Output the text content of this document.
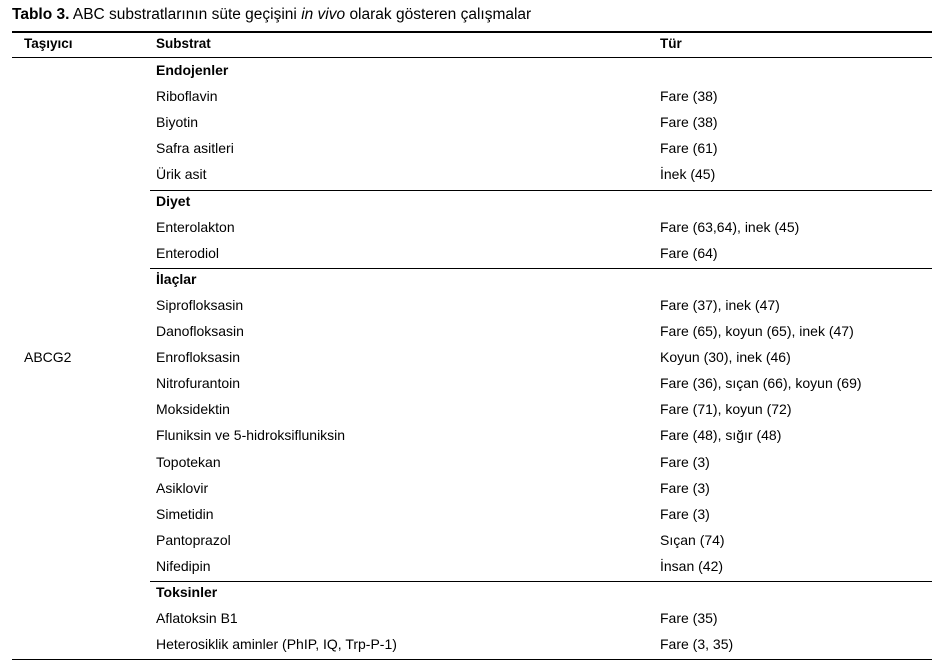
Tablo 3. ABC substratlarının süte geçişini in vivo olarak gösteren çalışmalar
Taşıyıcı	Substrat	Tür
ABCG2
Endojenler
Riboflavin	Fare (38)
Biyotin	Fare (38)
Safra asitleri	Fare (61)
Ürik asit	İnek (45)
Diyet
Enterolakton	Fare (63,64), inek (45)
Enterodiol	Fare (64)
İlaçlar
Siprofloksasin	Fare (37), inek (47)
Danofloksasin	Fare (65), koyun (65), inek (47)
Enrofloksasin	Koyun (30), inek (46)
Nitrofurantoin	Fare (36), sıçan (66), koyun (69)
Moksidektin	Fare (71), koyun (72)
Fluniksin ve 5-hidroksifluniksin	Fare (48), sığır (48)
Topotekan	Fare (3)
Asiklovir	Fare (3)
Simetidin	Fare (3)
Pantoprazol	Sıçan (74)
Nifedipin	İnsan (42)
Toksinler
Aflatoksin B1	Fare (35)
Heterosiklik aminler (PhIP, IQ, Trp-P-1)	Fare (3, 35)
